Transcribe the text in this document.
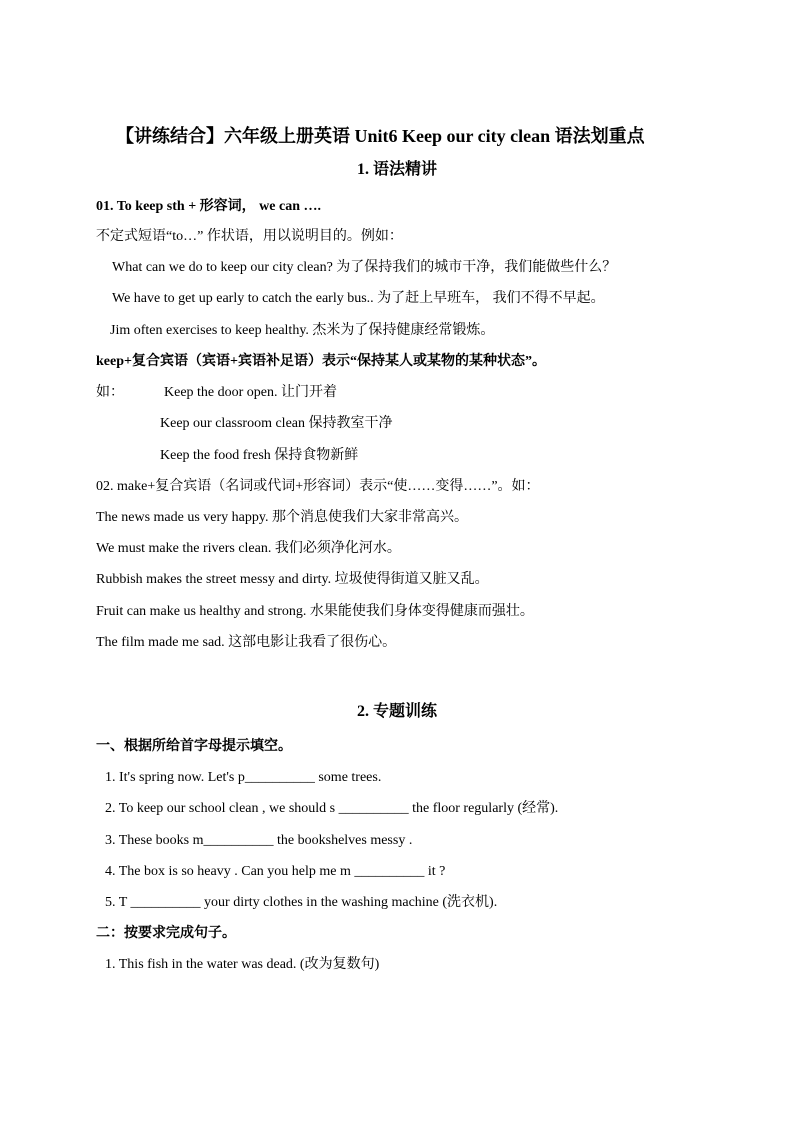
【讲练结合】六年级上册英语 Unit6 Keep our city clean 语法划重点
1. 语法精讲
01. To keep sth + 形容词， we can ….
不定式短语“to…” 作状语，用以说明目的。例如：
What can we do to keep our city clean? 为了保持我们的城市干净，我们能做些什么？
We have to get up early to catch the early bus.. 为了赶上早班车， 我们不得不早起。
Jim often exercises to keep healthy. 杰米为了保持健康经常锻炼。
keep+复合宾语（宾语+宾语补足语）表示“保持某人或某物的某种状态”。
如：	Keep the door open. 让门开着
Keep our classroom clean 保持教室干净
Keep the food fresh 保持食物新鲜
02. make+复合宾语（名词或代词+形容词）表示“使……变得……”。如：
The news made us very happy. 那个消息使我们大家非常高兴。
We must make the rivers clean. 我们必须净化河水。
Rubbish makes the street messy and dirty. 垃圾使得街道又脏又乱。
Fruit can make us healthy and strong. 水果能使我们身体变得健康而强壮。
The film made me sad. 这部电影让我看了很伤心。
2. 专题训练
一、根据所给首字母提示填空。
1. It's spring now. Let's p__________ some trees.
2. To keep our school clean , we should s __________ the floor regularly (经常).
3. These books m__________ the bookshelves messy .
4. The box is so heavy . Can you help me m __________ it ?
5. T __________ your dirty clothes in the washing machine (洗衣机).
二：按要求完成句子。
1. This fish in the water was dead. (改为复数句)
